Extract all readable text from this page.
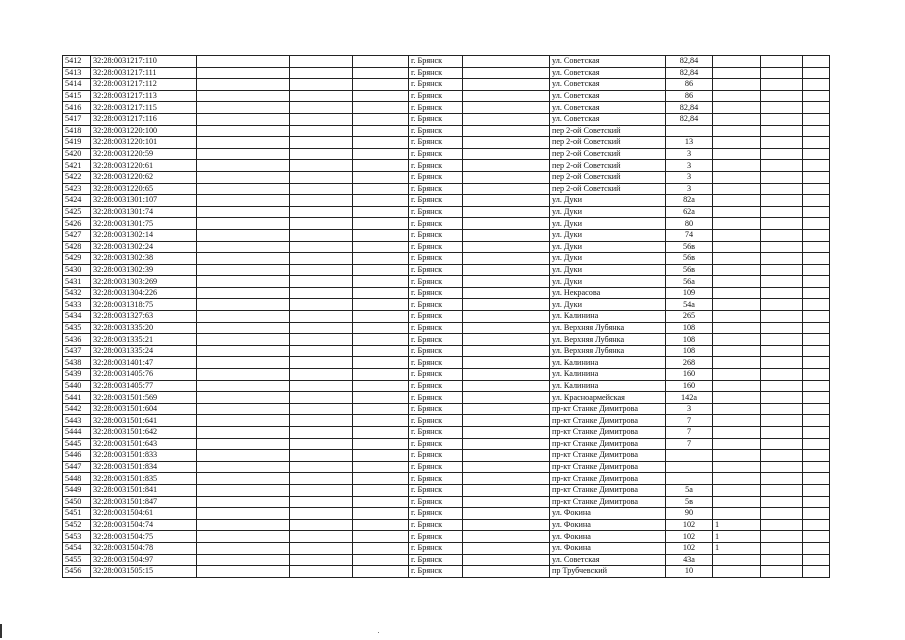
5412	32:28:0031217:110				г. Брянск		ул. Советская	82,84			
5413	32:28:0031217:111				г. Брянск		ул. Советская	82,84			
5414	32:28:0031217:112				г. Брянск		ул. Советская	86			
5415	32:28:0031217:113				г. Брянск		ул. Советская	86			
5416	32:28:0031217:115				г. Брянск		ул. Советская	82,84			
5417	32:28:0031217:116				г. Брянск		ул. Советская	82,84			
5418	32:28:0031220:100				г. Брянск		пер 2-ой Советский				
5419	32:28:0031220:101				г. Брянск		пер 2-ой Советский	13			
5420	32:28:0031220:59				г. Брянск		пер 2-ой Советский	3			
5421	32:28:0031220:61				г. Брянск		пер 2-ой Советский	3			
5422	32:28:0031220:62				г. Брянск		пер 2-ой Советский	3			
5423	32:28:0031220:65				г. Брянск		пер 2-ой Советский	3			
5424	32:28:0031301:107				г. Брянск		ул. Дуки	82а			
5425	32:28:0031301:74				г. Брянск		ул. Дуки	62а			
5426	32:28:0031301:75				г. Брянск		ул. Дуки	80			
5427	32:28:0031302:14				г. Брянск		ул. Дуки	74			
5428	32:28:0031302:24				г. Брянск		ул. Дуки	56в			
5429	32:28:0031302:38				г. Брянск		ул. Дуки	56в			
5430	32:28:0031302:39				г. Брянск		ул. Дуки	56в			
5431	32:28:0031303:269				г. Брянск		ул. Дуки	56а			
5432	32:28:0031304:226				г. Брянск		ул. Некрасова	109			
5433	32:28:0031318:75				г. Брянск		ул. Дуки	54а			
5434	32:28:0031327:63				г. Брянск		ул. Калинина	265			
5435	32:28:0031335:20				г. Брянск		ул. Верхняя Лубянка	108			
5436	32:28:0031335:21				г. Брянск		ул. Верхняя Лубянка	108			
5437	32:28:0031335:24				г. Брянск		ул. Верхняя Лубянка	108			
5438	32:28:0031401:47				г. Брянск		ул. Калинина	268			
5439	32:28:0031405:76				г. Брянск		ул. Калинина	160			
5440	32:28:0031405:77				г. Брянск		ул. Калинина	160			
5441	32:28:0031501:569				г. Брянск		ул. Красноармейская	142а			
5442	32:28:0031501:604				г. Брянск		пр-кт Станке Димитрова	3			
5443	32:28:0031501:641				г. Брянск		пр-кт Станке Димитрова	7			
5444	32:28:0031501:642				г. Брянск		пр-кт Станке Димитрова	7			
5445	32:28:0031501:643				г. Брянск		пр-кт Станке Димитрова	7			
5446	32:28:0031501:833				г. Брянск		пр-кт Станке Димитрова				
5447	32:28:0031501:834				г. Брянск		пр-кт Станке Димитрова				
5448	32:28:0031501:835				г. Брянск		пр-кт Станке Димитрова				
5449	32:28:0031501:841				г. Брянск		пр-кт Станке Димитрова	5а			
5450	32:28:0031501:847				г. Брянск		пр-кт Станке Димитрова	5в			
5451	32:28:0031504:61				г. Брянск		ул. Фокина	90			
5452	32:28:0031504:74				г. Брянск		ул. Фокина	102	1		
5453	32:28:0031504:75				г. Брянск		ул. Фокина	102	1		
5454	32:28:0031504:78				г. Брянск		ул. Фокина	102	1		
5455	32:28:0031504:97				г. Брянск		ул. Советская	43а			
5456	32:28:0031505:15				г. Брянск		пр Трубчевский	10			
